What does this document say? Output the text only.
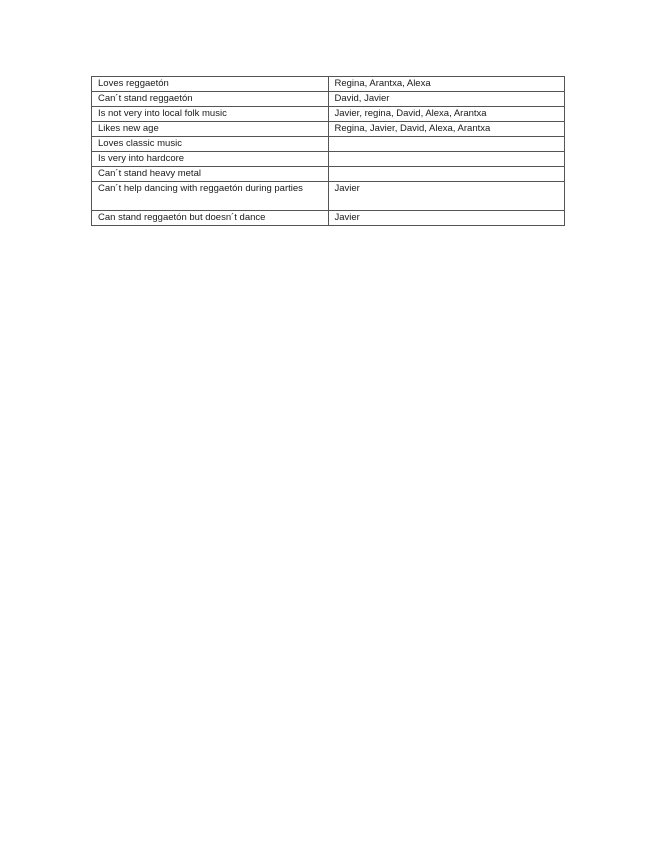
Loves reggaetón	Regina, Arantxa, Alexa
Can´t stand reggaetón	David, Javier
Is not very into local folk music	Javier, regina, David, Alexa, Arantxa
Likes new age	Regina, Javier, David, Alexa, Arantxa
Loves classic music	
Is very into hardcore	
Can´t stand heavy metal	
Can´t help dancing with reggaetón during parties	Javier
Can stand reggaetón but doesn´t dance	Javier
